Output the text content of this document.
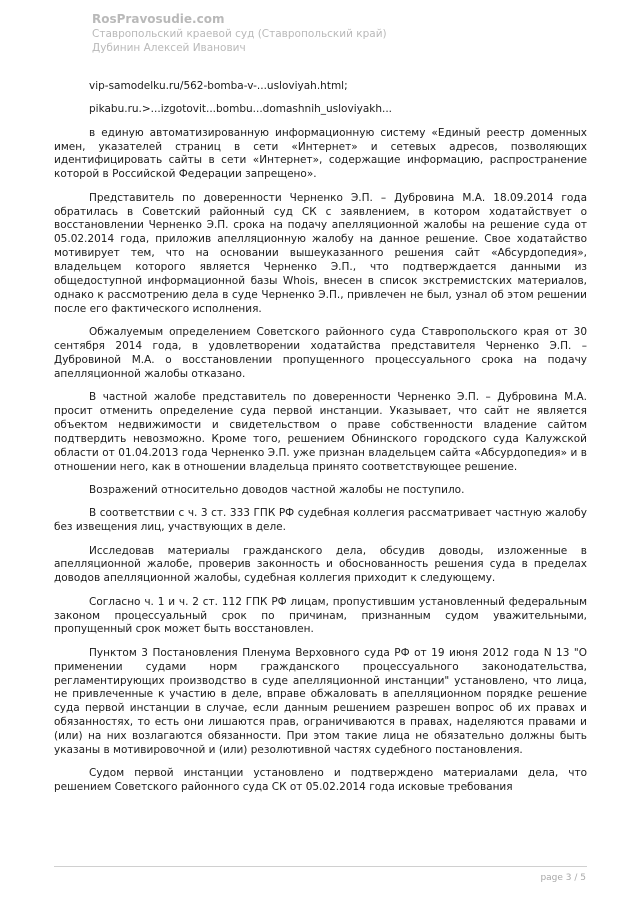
RosPravosudie.com
Ставропольский краевой суд (Ставропольский край)
Дубинин Алексей Иванович

vip-samodelku.ru/562-bomba-v-...usloviyah.html;

pikabu.ru.>...izgotovit...bombu...domashnih_usloviyakh...

в единую автоматизированную информационную систему «Единый реестр доменных имен, указателей страниц в сети «Интернет» и сетевых адресов, позволяющих идентифицировать сайты в сети «Интернет», содержащие информацию, распространение которой в Российской Федерации запрещено».

Представитель по доверенности Черненко Э.П. – Дубровина М.А. 18.09.2014 года обратилась в Советский районный суд СК с заявлением, в котором ходатайствует о восстановлении Черненко Э.П. срока на подачу апелляционной жалобы на решение суда от 05.02.2014 года, приложив апелляционную жалобу на данное решение. Свое ходатайство мотивирует тем, что на основании вышеуказанного решения сайт «Абсурдопедия», владельцем которого является Черненко Э.П., что подтверждается данными из общедоступной информационной базы Whois, внесен в список экстремистских материалов, однако к рассмотрению дела в суде Черненко Э.П., привлечен не был, узнал об этом решении после его фактического исполнения.

Обжалуемым определением Советского районного суда Ставропольского края от 30 сентября 2014 года, в удовлетворении ходатайства представителя Черненко Э.П. – Дубровиной М.А. о восстановлении пропущенного процессуального срока на подачу апелляционной жалобы отказано.

В частной жалобе представитель по доверенности Черненко Э.П. – Дубровина М.А. просит отменить определение суда первой инстанции. Указывает, что сайт не является объектом недвижимости и свидетельством о праве собственности владение сайтом подтвердить невозможно. Кроме того, решением Обнинского городского суда Калужской области от 01.04.2013 года Черненко Э.П. уже признан владельцем сайта «Абсурдопедия» и в отношении него, как в отношении владельца принято соответствующее решение.

Возражений относительно доводов частной жалобы не поступило.

В соответствии с ч. 3 ст. 333 ГПК РФ судебная коллегия рассматривает частную жалобу без извещения лиц, участвующих в деле.

Исследовав материалы гражданского дела, обсудив доводы, изложенные в апелляционной жалобе, проверив законность и обоснованность решения суда в пределах доводов апелляционной жалобы, судебная коллегия приходит к следующему.

Согласно ч. 1 и ч. 2 ст. 112 ГПК РФ лицам, пропустившим установленный федеральным законом процессуальный срок по причинам, признанным судом уважительными, пропущенный срок может быть восстановлен.

Пунктом 3 Постановления Пленума Верховного суда РФ от 19 июня 2012 года N 13 "О применении судами норм гражданского процессуального законодательства, регламентирующих производство в суде апелляционной инстанции" установлено, что лица, не привлеченные к участию в деле, вправе обжаловать в апелляционном порядке решение суда первой инстанции в случае, если данным решением разрешен вопрос об их правах и обязанностях, то есть они лишаются прав, ограничиваются в правах, наделяются правами и (или) на них возлагаются обязанности. При этом такие лица не обязательно должны быть указаны в мотивировочной и (или) резолютивной частях судебного постановления.

Судом первой инстанции установлено и подтверждено материалами дела, что решением Советского районного суда СК от 05.02.2014 года исковые требования

page 3 / 5
